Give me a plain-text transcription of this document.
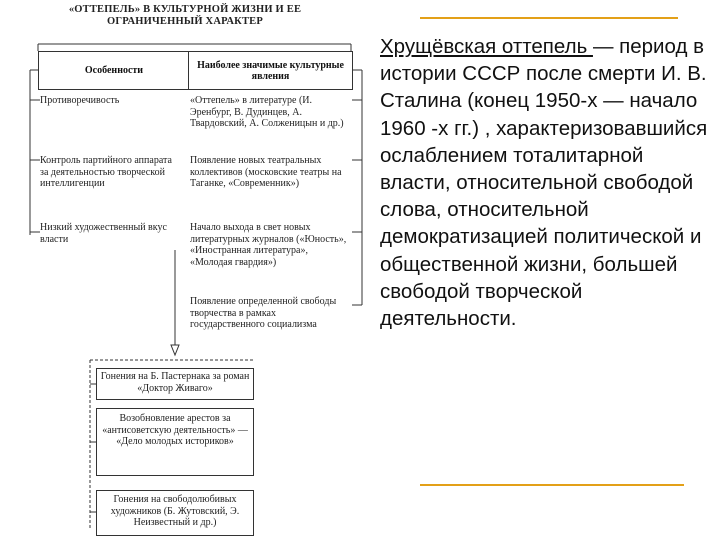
«ОТТЕПЕЛЬ» В КУЛЬТУРНОЙ ЖИЗНИ И ЕЕ ОГРАНИЧЕННЫЙ ХАРАКТЕР
Особенности	Наиболее значимые культурные явления
Противоречивость
Контроль партийного аппарата за деятельностью творческой интеллигенции
Низкий художественный вкус власти
«Оттепель» в литературе (И. Эренбург, В. Дудинцев, А. Твардовский, А. Солженицын и др.)
Появление новых театральных коллективов (московские театры на Таганке, «Современник»)
Начало выхода в свет новых литературных журналов («Юность», «Иностранная литература», «Молодая гвардия»)
Появление определенной свободы творчества в рамках государственного социализма
Гонения на Б. Пастернака за роман «Доктор Живаго»
Возобновление арестов за «антисоветскую деятельность» — «Дело молодых историков»
Гонения на свободолюбивых художников (Б. Жутовский, Э. Неизвестный и др.)
Хрущёвская оттепель — период в истории СССР после смерти И. В. Сталина (конец 1950-х — начало 1960 -х гг.) , характеризовавшийся ослаблением тоталитарной власти, относительной свободой слова, относительной демократизацией политической и общественной жизни, большей свободой творческой деятельности.
